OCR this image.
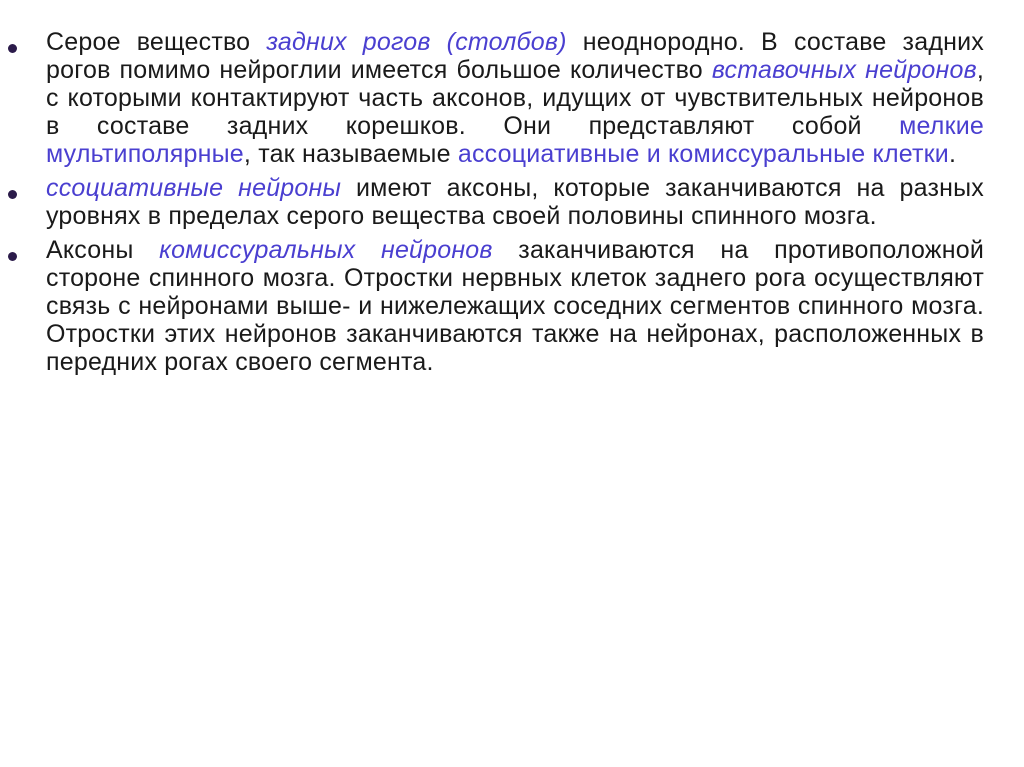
Серое вещество задних рогов (столбов) неоднородно. В составе задних рогов помимо нейроглии имеется большое количество вставочных нейронов, с которыми контактируют часть аксонов, идущих от чувствительных нейронов в составе задних корешков. Они представляют собой мелкие мультиполярные, так называемые ассоциативные и комиссуральные клетки.
ссоциативные нейроны имеют аксоны, которые заканчиваются на разных уровнях в пределах серого вещества своей половины спинного мозга.
Аксоны комиссуральных нейронов заканчиваются на противоположной стороне спинного мозга. Отростки нервных клеток заднего рога осуществляют связь с нейронами выше- и нижележащих соседних сегментов спинного мозга. Отростки этих нейронов заканчиваются также на нейронах, расположенных в передних рогах своего сегмента.
